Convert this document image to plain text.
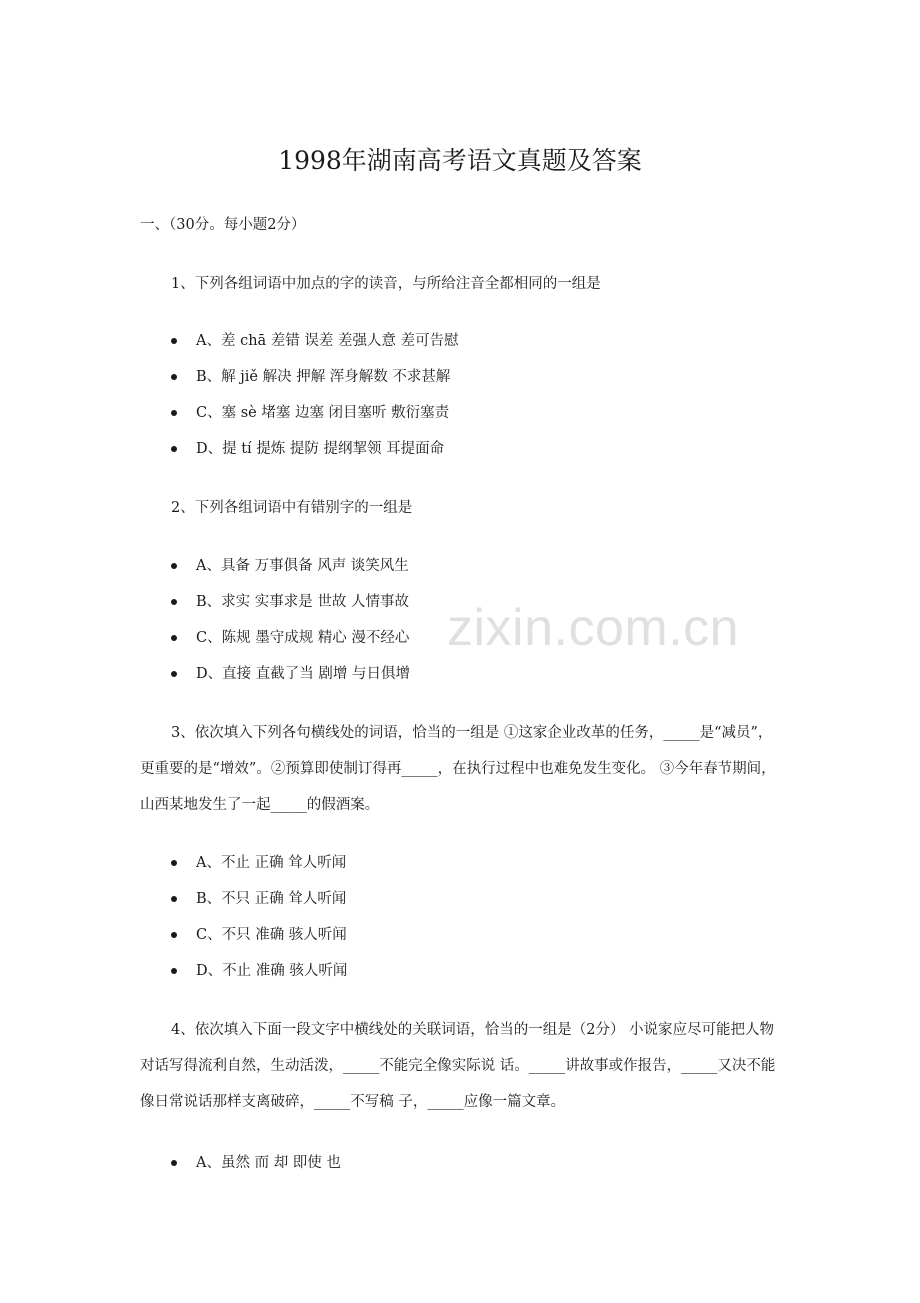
1998年湖南高考语文真题及答案
一、（30分。每小题2分）
1、下列各组词语中加点的字的读音，与所给注音全都相同的一组是
A、差 chā 差错 误差 差强人意 差可告慰
B、解 jiě 解决 押解 浑身解数 不求甚解
C、塞 sè 堵塞 边塞 闭目塞听 敷衍塞责
D、提 tí 提炼 提防 提纲挈领 耳提面命
2、下列各组词语中有错别字的一组是
A、具备 万事俱备 风声 谈笑风生
B、求实 实事求是 世故 人情事故
C、陈规 墨守成规 精心 漫不经心
D、直接 直截了当 剧增 与日俱增
3、依次填入下列各句横线处的词语，恰当的一组是 ①这家企业改革的任务，_____是“减员”，更重要的是“增效”。②预算即使制订得再_____，在执行过程中也难免发生变化。 ③今年春节期间，山西某地发生了一起_____的假酒案。
A、不止 正确 耸人听闻
B、不只 正确 耸人听闻
C、不只 准确 骇人听闻
D、不止 准确 骇人听闻
4、依次填入下面一段文字中横线处的关联词语，恰当的一组是（2分） 小说家应尽可能把人物对话写得流利自然，生动活泼，_____不能完全像实际说 话。_____讲故事或作报告，_____又决不能像日常说话那样支离破碎，_____不写稿 子，_____应像一篇文章。
A、虽然 而 却 即使 也
zixin.com.cn
